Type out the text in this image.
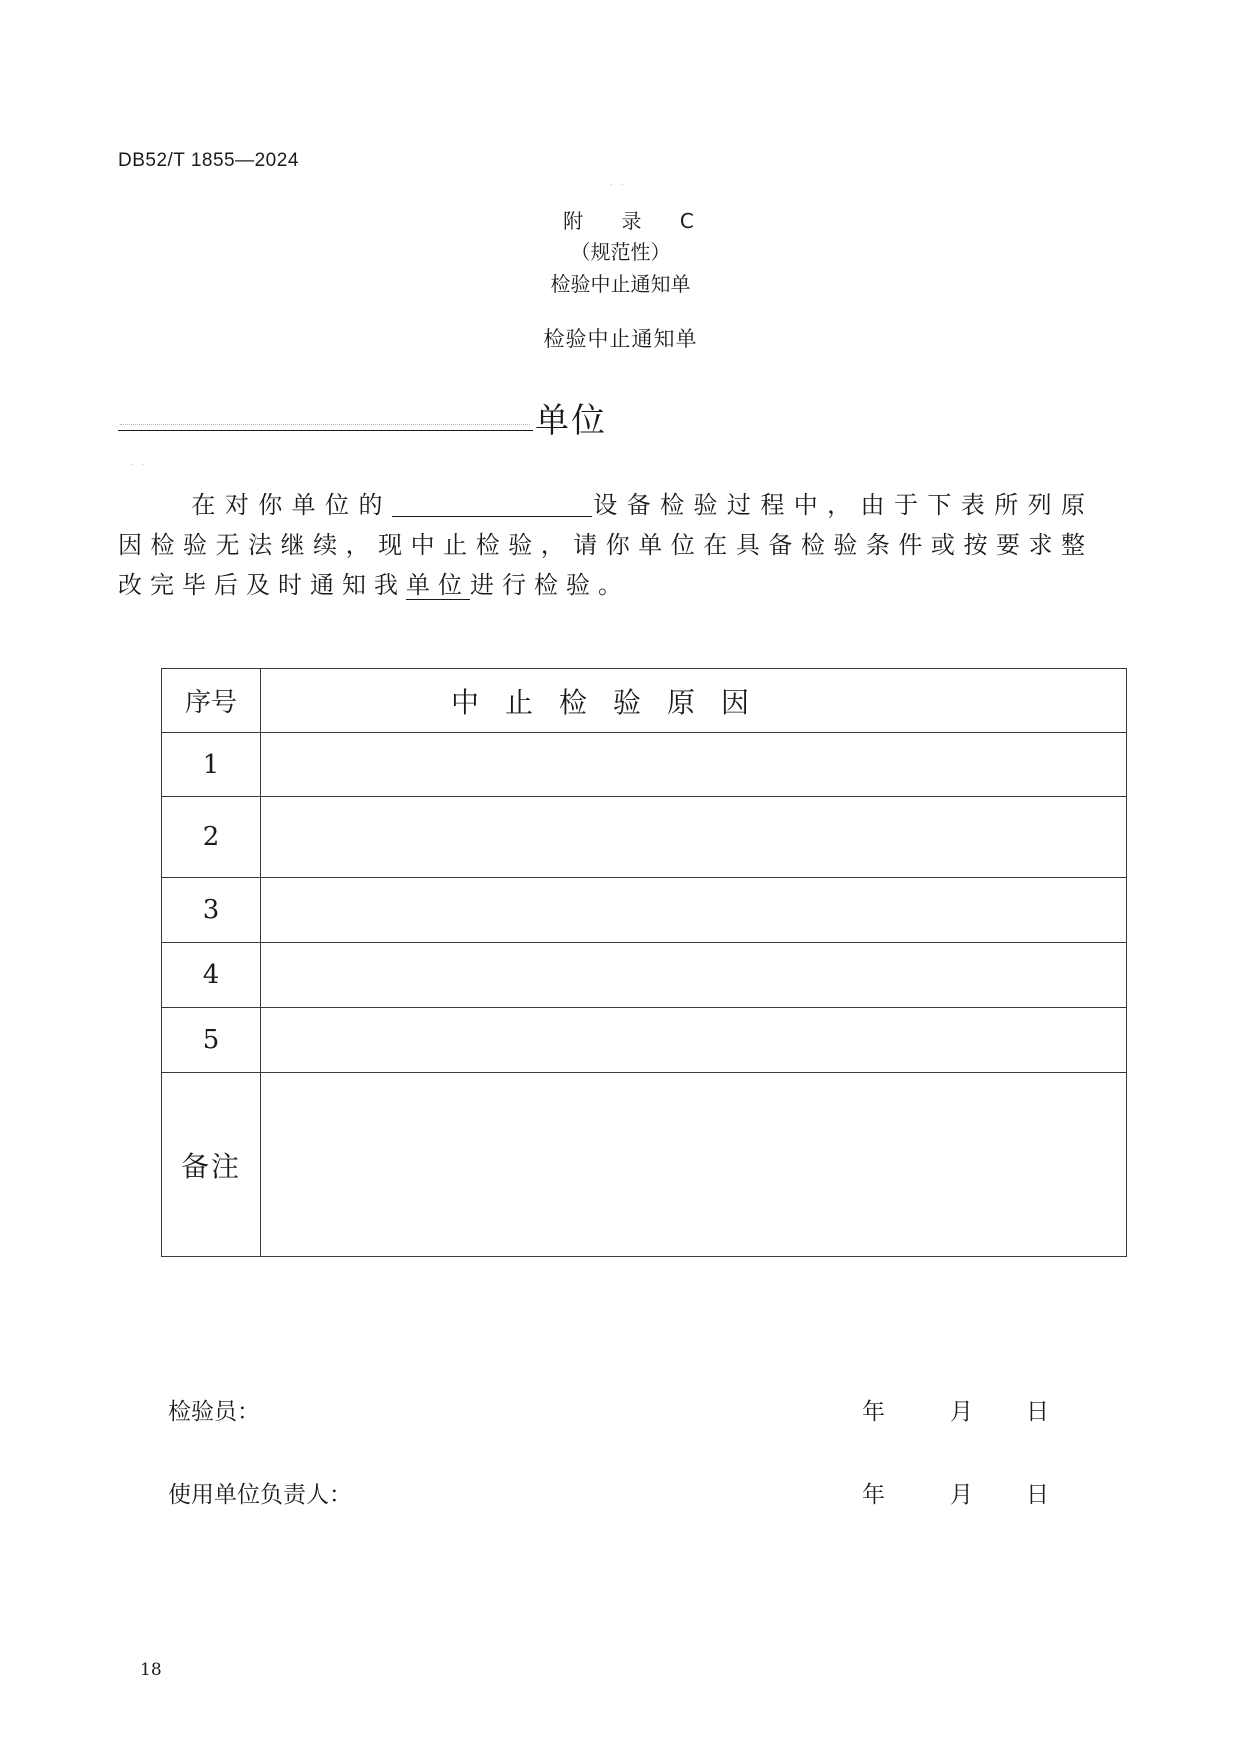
DB52/T 1855—2024
··
附 录 C
（规范性）
检验中止通知单
检验中止通知单
单位
··
在对你单位的	设备检验过程中，由于下表所列原因检验无法继续，现中止检验，请你单位在具备检验条件或按要求整改完毕后及时通知我单位进行检验。
序号	中止检验原因
1	
2	
3	
4	
5	
备注	
检验员：	年	月 日
使用单位负责人：	年	月 日
18
